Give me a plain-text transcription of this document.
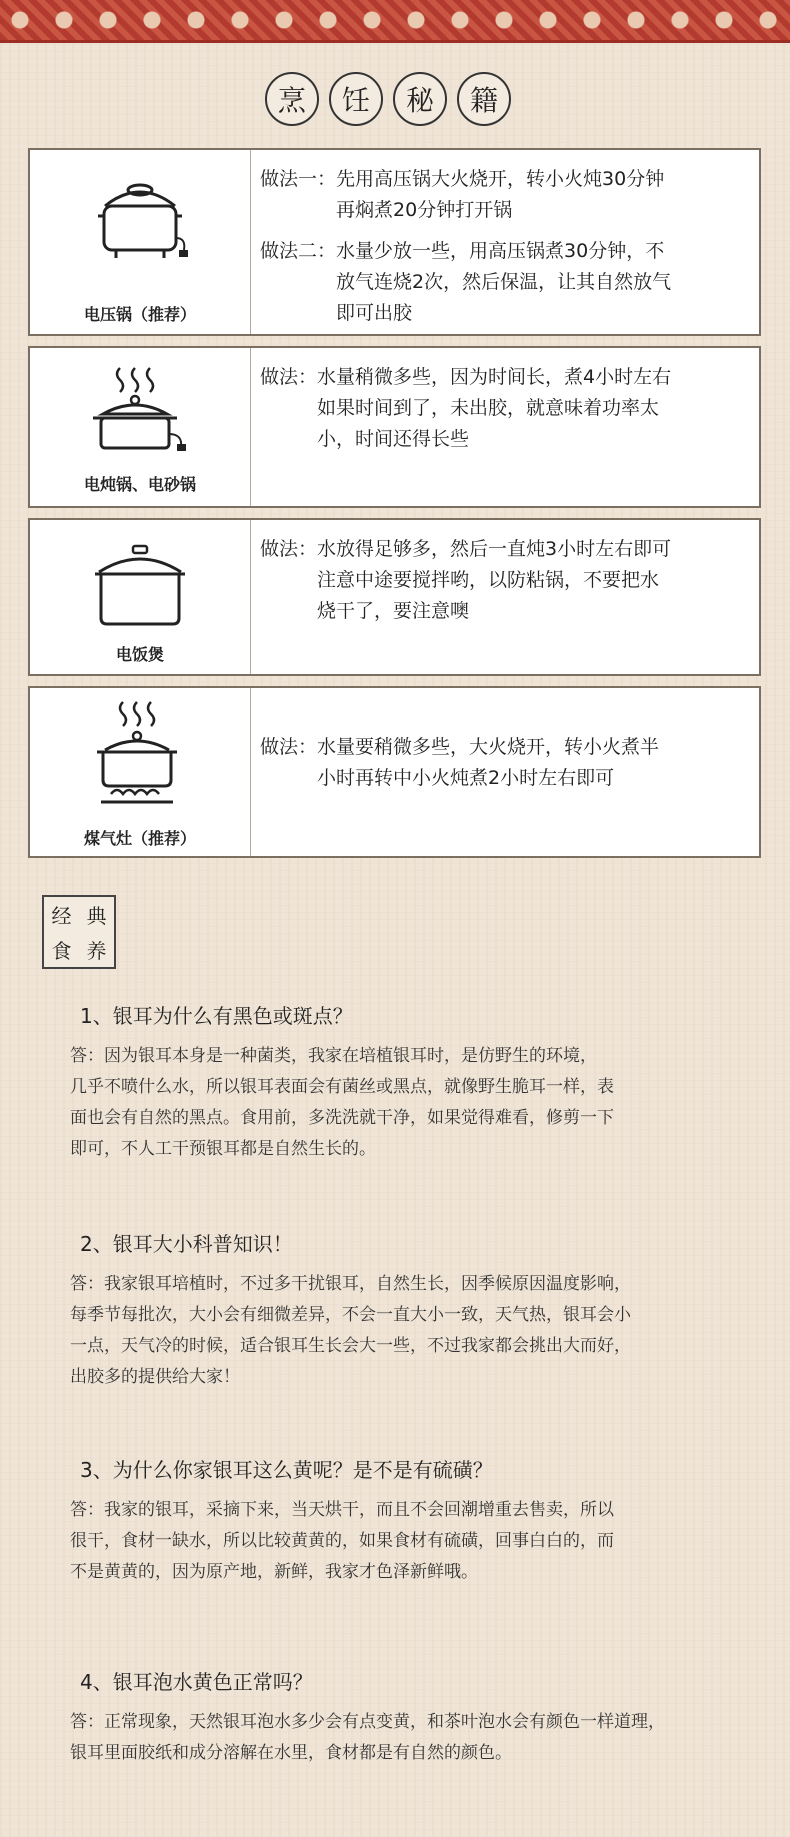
烹	饪	秘	籍
电压锅（推荐）
做法一： 先用高压锅大火烧开，转小火炖30分钟
再焖煮20分钟打开锅
做法二： 水量少放一些，用高压锅煮30分钟，不
放气连烧2次，然后保温，让其自然放气
即可出胶
电炖锅、电砂锅
做法： 水量稍微多些，因为时间长，煮4小时左右
如果时间到了，未出胶，就意味着功率太
小，时间还得长些
电饭煲
做法： 水放得足够多，然后一直炖3小时左右即可
注意中途要搅拌哟，以防粘锅，不要把水
烧干了，要注意噢
煤气灶（推荐）
做法： 水量要稍微多些，大火烧开，转小火煮半
小时再转中小火炖煮2小时左右即可
经 典
食 养
1、银耳为什么有黑色或斑点？
答：因为银耳本身是一种菌类，我家在培植银耳时，是仿野生的环境，
几乎不喷什么水，所以银耳表面会有菌丝或黑点，就像野生脆耳一样，表
面也会有自然的黑点。食用前，多洗洗就干净，如果觉得难看，修剪一下
即可，不人工干预银耳都是自然生长的。
2、银耳大小科普知识！
答：我家银耳培植时，不过多干扰银耳，自然生长，因季候原因温度影响，
每季节每批次，大小会有细微差异，不会一直大小一致，天气热，银耳会小
一点，天气冷的时候，适合银耳生长会大一些，不过我家都会挑出大而好，
出胶多的提供给大家！
3、为什么你家银耳这么黄呢？是不是有硫磺？
答：我家的银耳，采摘下来，当天烘干，而且不会回潮增重去售卖，所以
很干，食材一缺水，所以比较黄黄的，如果食材有硫磺，回事白白的，而
不是黄黄的，因为原产地，新鲜，我家才色泽新鲜哦。
4、银耳泡水黄色正常吗？
答：正常现象，天然银耳泡水多少会有点变黄，和茶叶泡水会有颜色一样道理，
银耳里面胶纸和成分溶解在水里，食材都是有自然的颜色。
